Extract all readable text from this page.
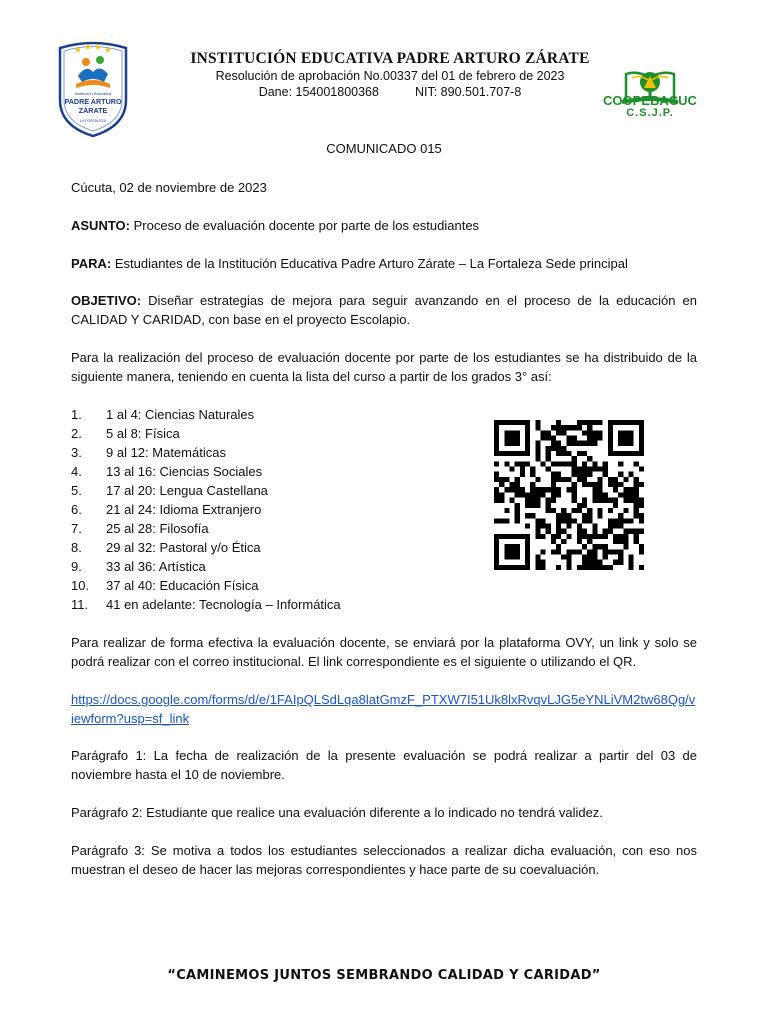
Institución Educativa
PADRE ARTURO
ZÁRATE
LA FORTALEZA
INSTITUCIÓN EDUCATIVA PADRE ARTURO ZÁRATE
Resolución de aprobación No.00337 del 01 de febrero de 2023
Dane: 154001800368	NIT: 890.501.707-8
∧
COOPEBACUC
C.S.J.P.
COMUNICADO 015
Cúcuta, 02 de noviembre de 2023
ASUNTO: Proceso de evaluación docente por parte de los estudiantes
PARA: Estudiantes de la Institución Educativa Padre Arturo Zárate – La Fortaleza Sede principal
OBJETIVO: Diseñar estrategias de mejora para seguir avanzando en el proceso de la educación en CALIDAD Y CARIDAD, con base en el proyecto Escolapio.
Para la realización del proceso de evaluación docente por parte de los estudiantes se ha distribuido de la siguiente manera, teniendo en cuenta la lista del curso a partir de los grados 3° así:
1.	1 al 4: Ciencias Naturales
2.	5 al 8: Física
3.	9 al 12: Matemáticas
4.	13 al 16: Ciencias Sociales
5.	17 al 20: Lengua Castellana
6.	21 al 24: Idioma Extranjero
7.	25 al 28: Filosofía
8.	29 al 32: Pastoral y/o Ética
9.	33 al 36: Artística
10.	37 al 40: Educación Física
11.	41 en adelante: Tecnología – Informática
Para realizar de forma efectiva la evaluación docente, se enviará por la plataforma OVY, un link y solo se podrá realizar con el correo institucional. El link correspondiente es el siguiente o utilizando el QR.
https://docs.google.com/forms/d/e/1FAIpQLSdLqa8latGmzF_PTXW7I51Uk8lxRvqvLJG5eYNLiVM2tw68Qg/viewform?usp=sf_link
Parágrafo 1: La fecha de realización de la presente evaluación se podrá realizar a partir del 03 de noviembre hasta el 10 de noviembre.
Parágrafo 2: Estudiante que realice una evaluación diferente a lo indicado no tendrá validez.
Parágrafo 3: Se motiva a todos los estudiantes seleccionados a realizar dicha evaluación, con eso nos muestran el deseo de hacer las mejoras correspondientes y hace parte de su coevaluación.
“CAMINEMOS JUNTOS SEMBRANDO CALIDAD Y CARIDAD”
